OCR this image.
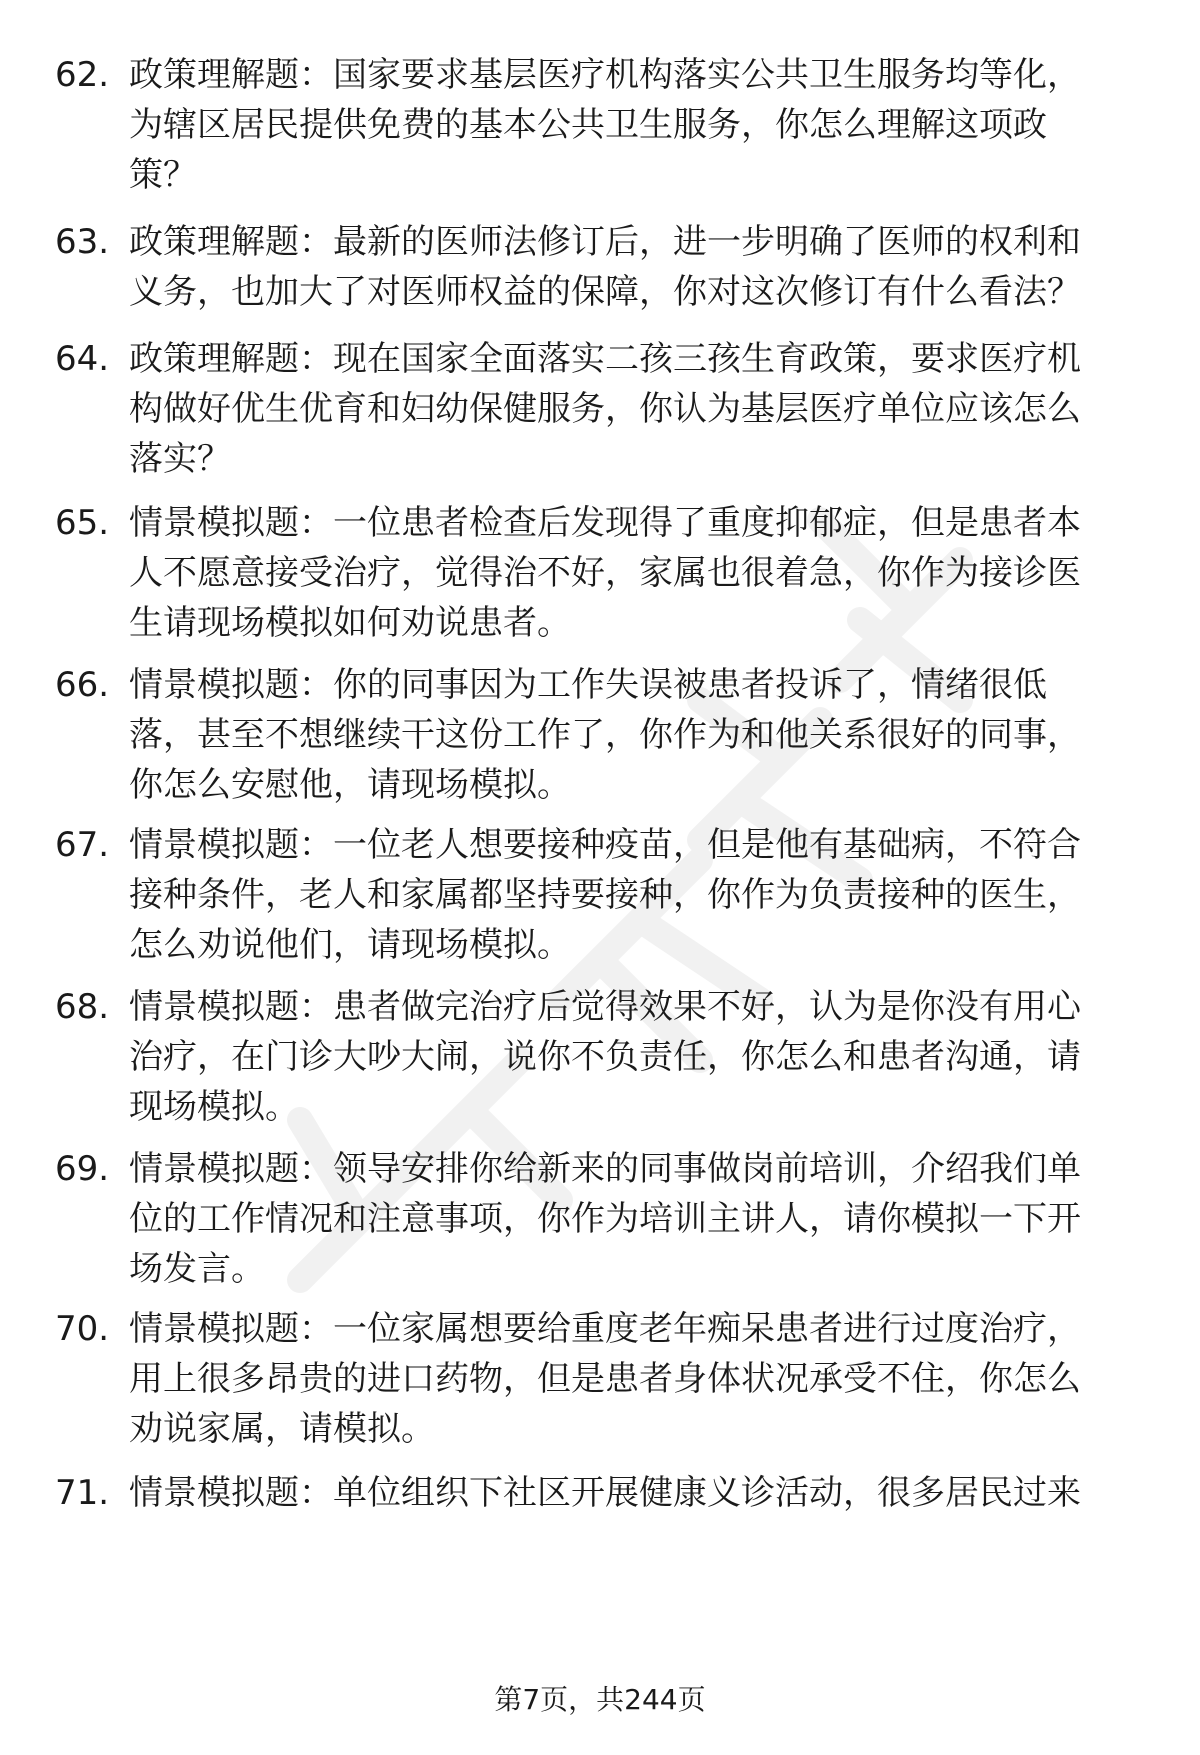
62. 政策理解题：国家要求基层医疗机构落实公共卫生服务均等化，
为辖区居民提供免费的基本公共卫生服务，你怎么理解这项政
策？
63. 政策理解题：最新的医师法修订后，进一步明确了医师的权利和
义务，也加大了对医师权益的保障，你对这次修订有什么看法？
64. 政策理解题：现在国家全面落实二孩三孩生育政策，要求医疗机
构做好优生优育和妇幼保健服务，你认为基层医疗单位应该怎么
落实？
65. 情景模拟题：一位患者检查后发现得了重度抑郁症，但是患者本
人不愿意接受治疗，觉得治不好，家属也很着急，你作为接诊医
生请现场模拟如何劝说患者。
66. 情景模拟题：你的同事因为工作失误被患者投诉了，情绪很低
落，甚至不想继续干这份工作了，你作为和他关系很好的同事，
你怎么安慰他，请现场模拟。
67. 情景模拟题：一位老人想要接种疫苗，但是他有基础病，不符合
接种条件，老人和家属都坚持要接种，你作为负责接种的医生，
怎么劝说他们，请现场模拟。
68. 情景模拟题：患者做完治疗后觉得效果不好，认为是你没有用心
治疗，在门诊大吵大闹，说你不负责任，你怎么和患者沟通，请
现场模拟。
69. 情景模拟题：领导安排你给新来的同事做岗前培训，介绍我们单
位的工作情况和注意事项，你作为培训主讲人，请你模拟一下开
场发言。
70. 情景模拟题：一位家属想要给重度老年痴呆患者进行过度治疗，
用上很多昂贵的进口药物，但是患者身体状况承受不住，你怎么
劝说家属，请模拟。
71. 情景模拟题：单位组织下社区开展健康义诊活动，很多居民过来
第7页，共244页
